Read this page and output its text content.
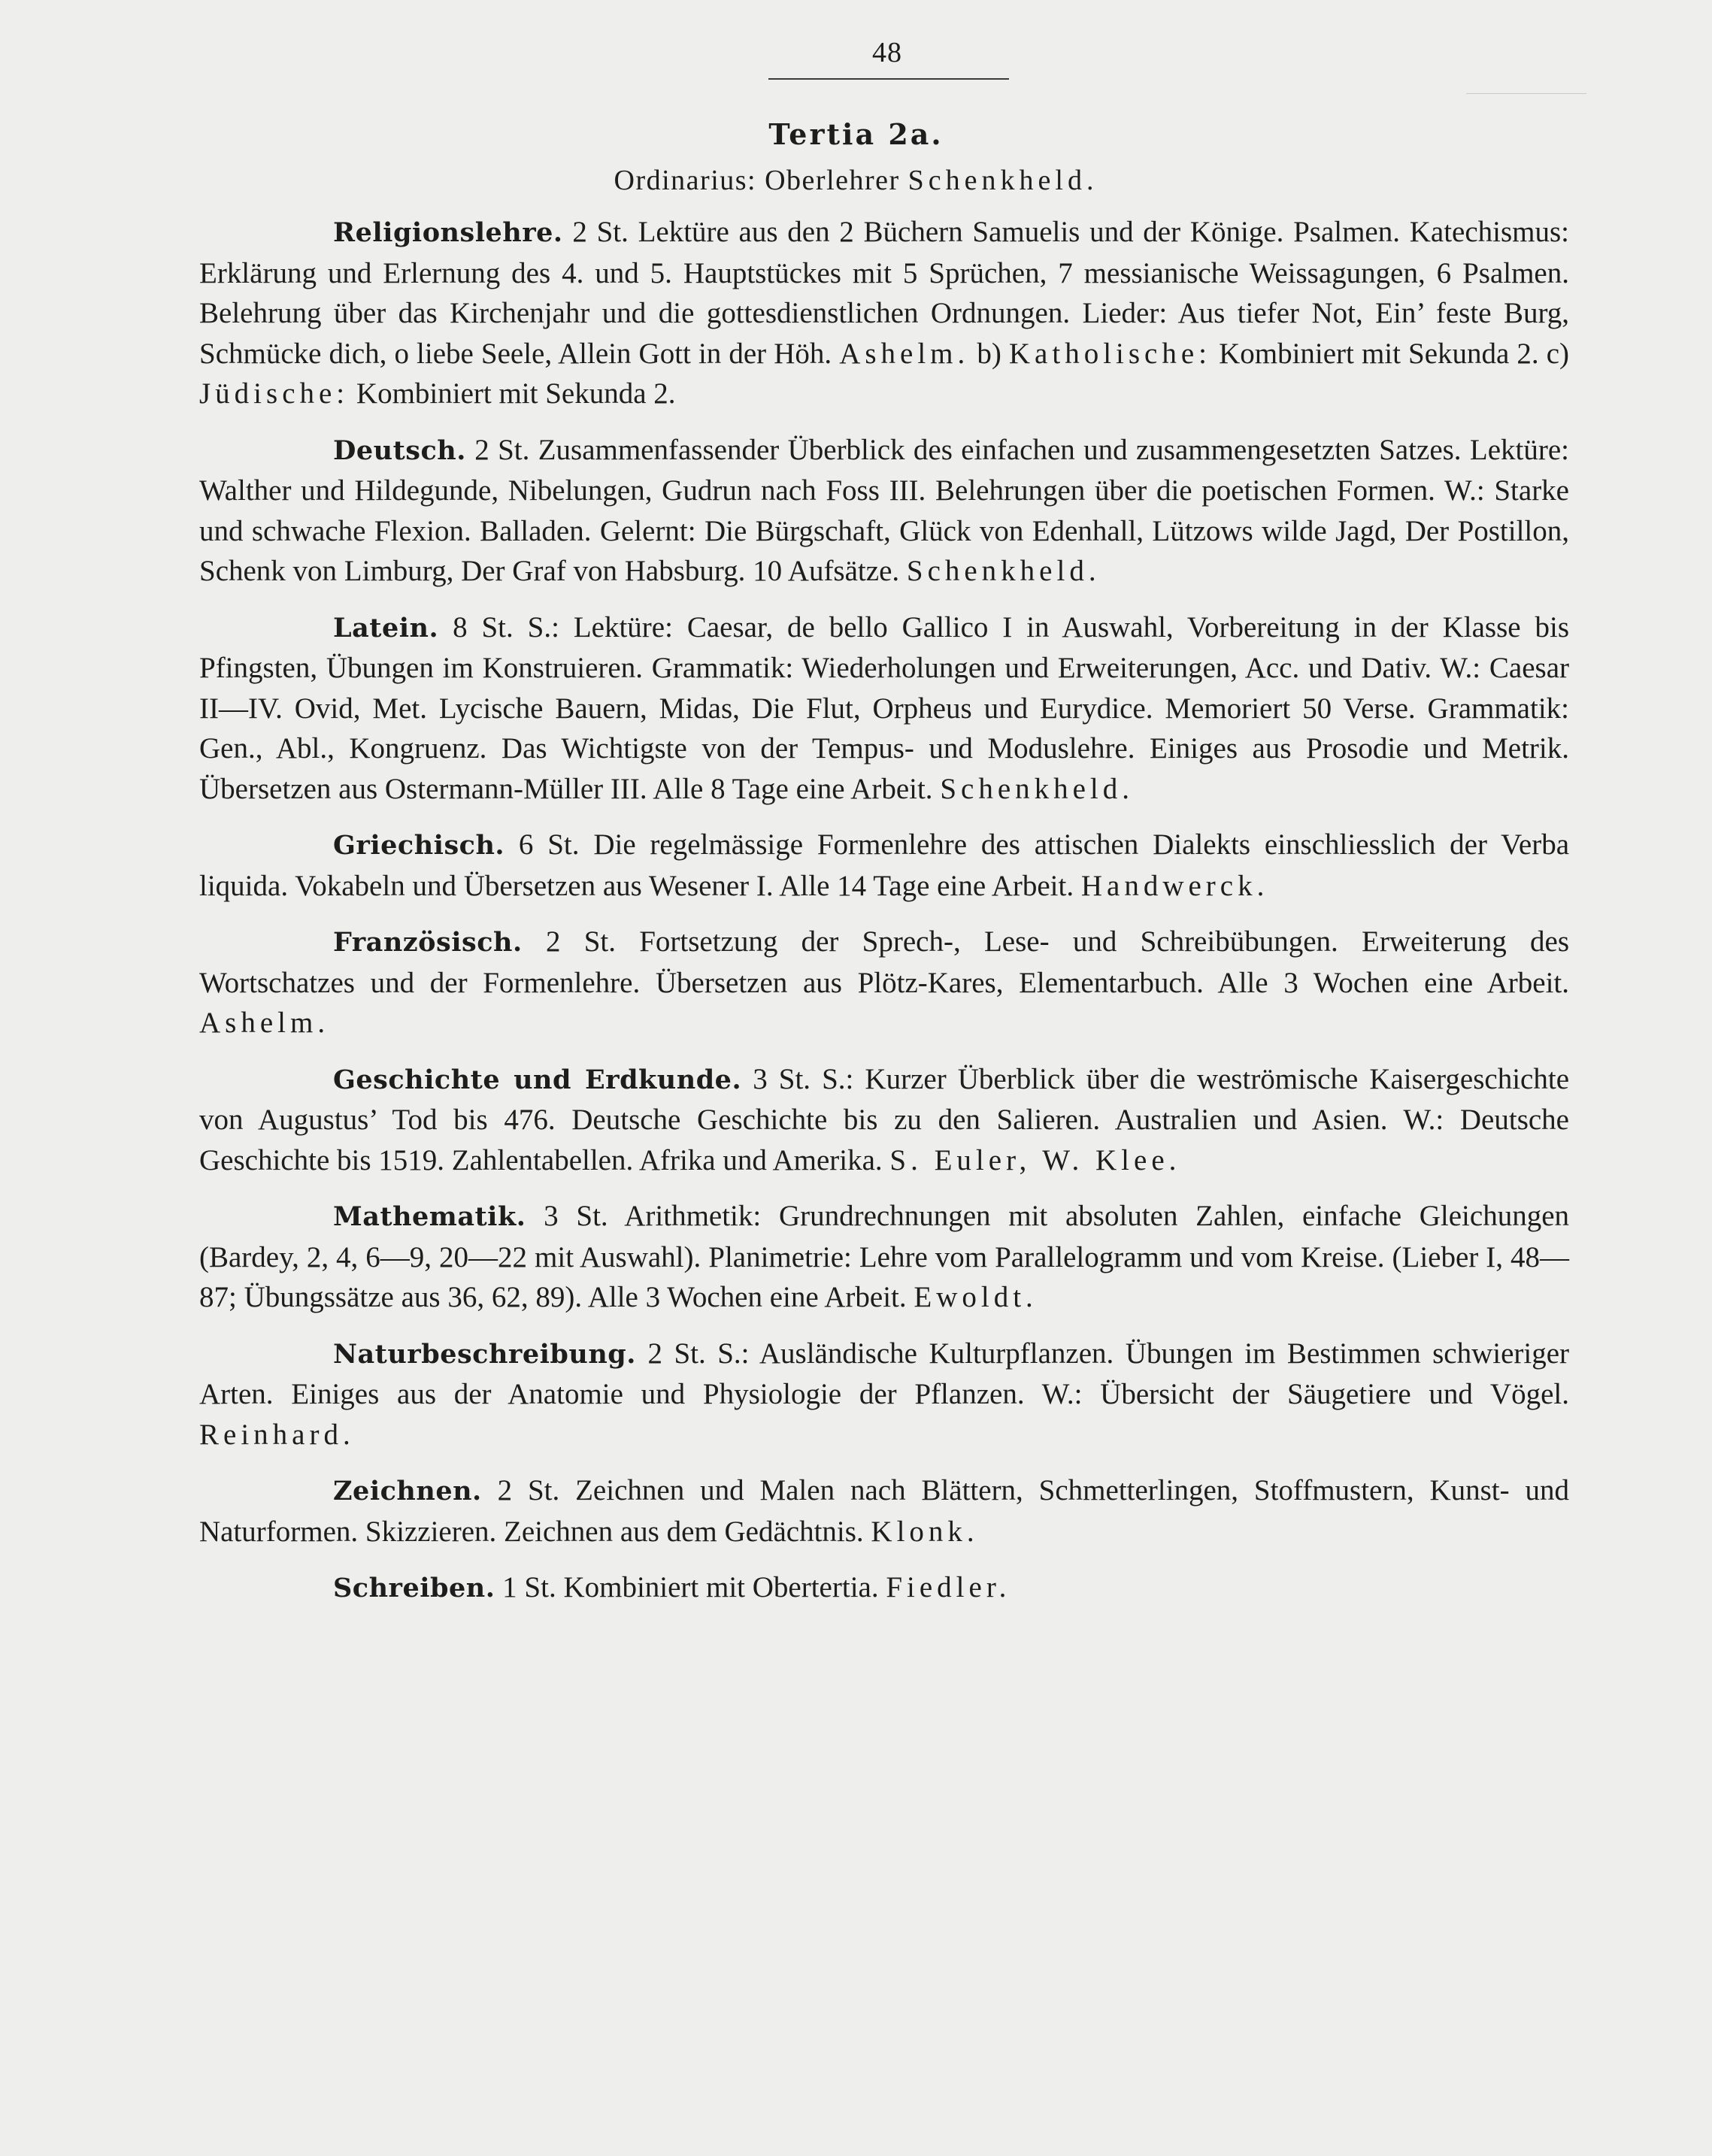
48
Tertia 2a.
Ordinarius: Oberlehrer Schenkheld.

Religionslehre. 2 St. Lektüre aus den 2 Büchern Samuelis und der Könige. Psalmen. Katechismus: Erklärung und Erlernung des 4. und 5. Hauptstückes mit 5 Sprüchen, 7 messianische Weissagungen, 6 Psalmen. Belehrung über das Kirchenjahr und die gottesdienstlichen Ordnungen. Lieder: Aus tiefer Not, Ein’ feste Burg, Schmücke dich, o liebe Seele, Allein Gott in der Höh. Ashelm. b) Katholische: Kombiniert mit Sekunda 2. c) Jüdische: Kombiniert mit Sekunda 2.

Deutsch. 2 St. Zusammenfassender Überblick des einfachen und zusammengesetzten Satzes. Lektüre: Walther und Hildegunde, Nibelungen, Gudrun nach Foss III. Belehrungen über die poetischen Formen. W.: Starke und schwache Flexion. Balladen. Gelernt: Die Bürgschaft, Glück von Edenhall, Lützows wilde Jagd, Der Postillon, Schenk von Limburg, Der Graf von Habsburg. 10 Aufsätze. Schenkheld.

Latein. 8 St. S.: Lektüre: Caesar, de bello Gallico I in Auswahl, Vorbereitung in der Klasse bis Pfingsten, Übungen im Konstruieren. Grammatik: Wiederholungen und Erweiterungen, Acc. und Dativ. W.: Caesar II—IV. Ovid, Met. Lycische Bauern, Midas, Die Flut, Orpheus und Eurydice. Memoriert 50 Verse. Grammatik: Gen., Abl., Kongruenz. Das Wichtigste von der Tempus- und Moduslehre. Einiges aus Prosodie und Metrik. Übersetzen aus Ostermann-Müller III. Alle 8 Tage eine Arbeit. Schenkheld.

Griechisch. 6 St. Die regelmässige Formenlehre des attischen Dialekts einschliesslich der Verba liquida. Vokabeln und Übersetzen aus Wesener I. Alle 14 Tage eine Arbeit. Handwerck.

Französisch. 2 St. Fortsetzung der Sprech-, Lese- und Schreibübungen. Erweiterung des Wortschatzes und der Formenlehre. Übersetzen aus Plötz-Kares, Elementarbuch. Alle 3 Wochen eine Arbeit. Ashelm.

Geschichte und Erdkunde. 3 St. S.: Kurzer Überblick über die weströmische Kaisergeschichte von Augustus’ Tod bis 476. Deutsche Geschichte bis zu den Salieren. Australien und Asien. W.: Deutsche Geschichte bis 1519. Zahlentabellen. Afrika und Amerika. S. Euler, W. Klee.

Mathematik. 3 St. Arithmetik: Grundrechnungen mit absoluten Zahlen, einfache Gleichungen (Bardey, 2, 4, 6—9, 20—22 mit Auswahl). Planimetrie: Lehre vom Parallelogramm und vom Kreise. (Lieber I, 48—87; Übungssätze aus 36, 62, 89). Alle 3 Wochen eine Arbeit. Ewoldt.

Naturbeschreibung. 2 St. S.: Ausländische Kulturpflanzen. Übungen im Bestimmen schwieriger Arten. Einiges aus der Anatomie und Physiologie der Pflanzen. W.: Übersicht der Säugetiere und Vögel. Reinhard.

Zeichnen. 2 St. Zeichnen und Malen nach Blättern, Schmetterlingen, Stoffmustern, Kunst- und Naturformen. Skizzieren. Zeichnen aus dem Gedächtnis. Klonk.

Schreiben. 1 St. Kombiniert mit Obertertia. Fiedler.
